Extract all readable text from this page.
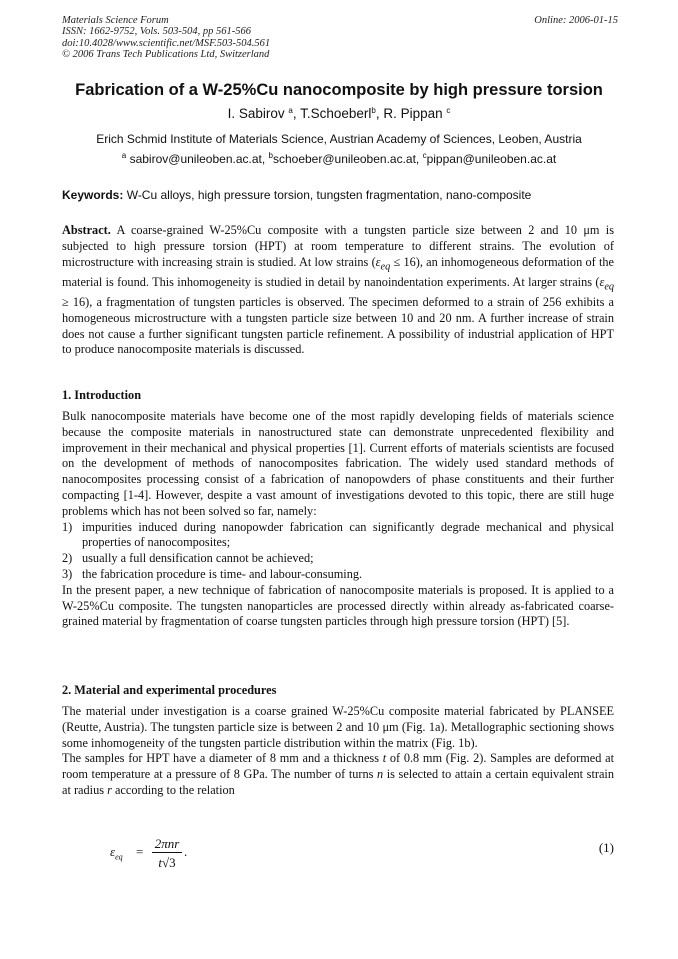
Materials Science Forum
ISSN: 1662-9752, Vols. 503-504, pp 561-566
doi:10.4028/www.scientific.net/MSF.503-504.561
© 2006 Trans Tech Publications Ltd, Switzerland
Online: 2006-01-15
Fabrication of a W-25%Cu nanocomposite by high pressure torsion
I. Sabirov $^a$, T.Schoeberl$^b$, R. Pippan $^c$
Erich Schmid Institute of Materials Science, Austrian Academy of Sciences, Leoben, Austria
$^a$ sabirov@unileoben.ac.at, $^b$schoeber@unileoben.ac.at, $^c$pippan@unileoben.ac.at
Keywords: W-Cu alloys, high pressure torsion, tungsten fragmentation, nano-composite

Abstract. A coarse-grained W-25%Cu composite with a tungsten particle size between 2 and 10 μm is subjected to high pressure torsion (HPT) at room temperature to different strains. The evolution of microstructure with increasing strain is studied. At low strains $(\varepsilon_{eq} \le 16)$, an inhomogeneous deformation of the material is found. This inhomogeneity is studied in detail by nanoindentation experiments. At larger strains $(\varepsilon_{eq} \ge 16)$, a fragmentation of tungsten particles is observed. The specimen deformed to a strain of 256 exhibits a homogeneous microstructure with a tungsten particle size between 10 and 20 nm. A further increase of strain does not cause a further significant tungsten particle refinement. A possibility of industrial application of HPT to produce nanocomposite materials is discussed.

1. Introduction

Bulk nanocomposite materials have become one of the most rapidly developing fields of materials science because the composite materials in nanostructured state can demonstrate unprecedented flexibility and improvement in their mechanical and physical properties [1]. Current efforts of materials scientists are focused on the development of methods of nanocomposites fabrication. The widely used standard methods of nanocomposites processing consist of a fabrication of nanopowders of phase constituents and their further compacting [1-4]. However, despite a vast amount of investigations devoted to this topic, there are still huge problems which has not been solved so far, namely:

1) impurities induced during nanopowder fabrication can significantly degrade mechanical and physical properties of nanocomposites;
2) usually a full densification cannot be achieved;
3) the fabrication procedure is time- and labour-consuming.

In the present paper, a new technique of fabrication of nanocomposite materials is proposed. It is applied to a W-25%Cu composite. The tungsten nanoparticles are processed directly within already as-fabricated coarse-grained material by fragmentation of coarse tungsten particles through high pressure torsion (HPT) [5].

2. Material and experimental procedures

The material under investigation is a coarse grained W-25%Cu composite material fabricated by PLANSEE (Reutte, Austria). The tungsten particle size is between 2 and 10 μm (Fig. 1a). Metallographic sectioning shows some inhomogeneity of the tungsten particle distribution within the matrix (Fig. 1b).

The samples for HPT have a diameter of 8 mm and a thickness t of 0.8 mm (Fig. 2). Samples are deformed at room temperature at a pressure of 8 GPa. The number of turns n is selected to attain a certain equivalent strain at radius r according to the relation

$\varepsilon_{eq}$ =
2πnr
t√3
.	(1)
